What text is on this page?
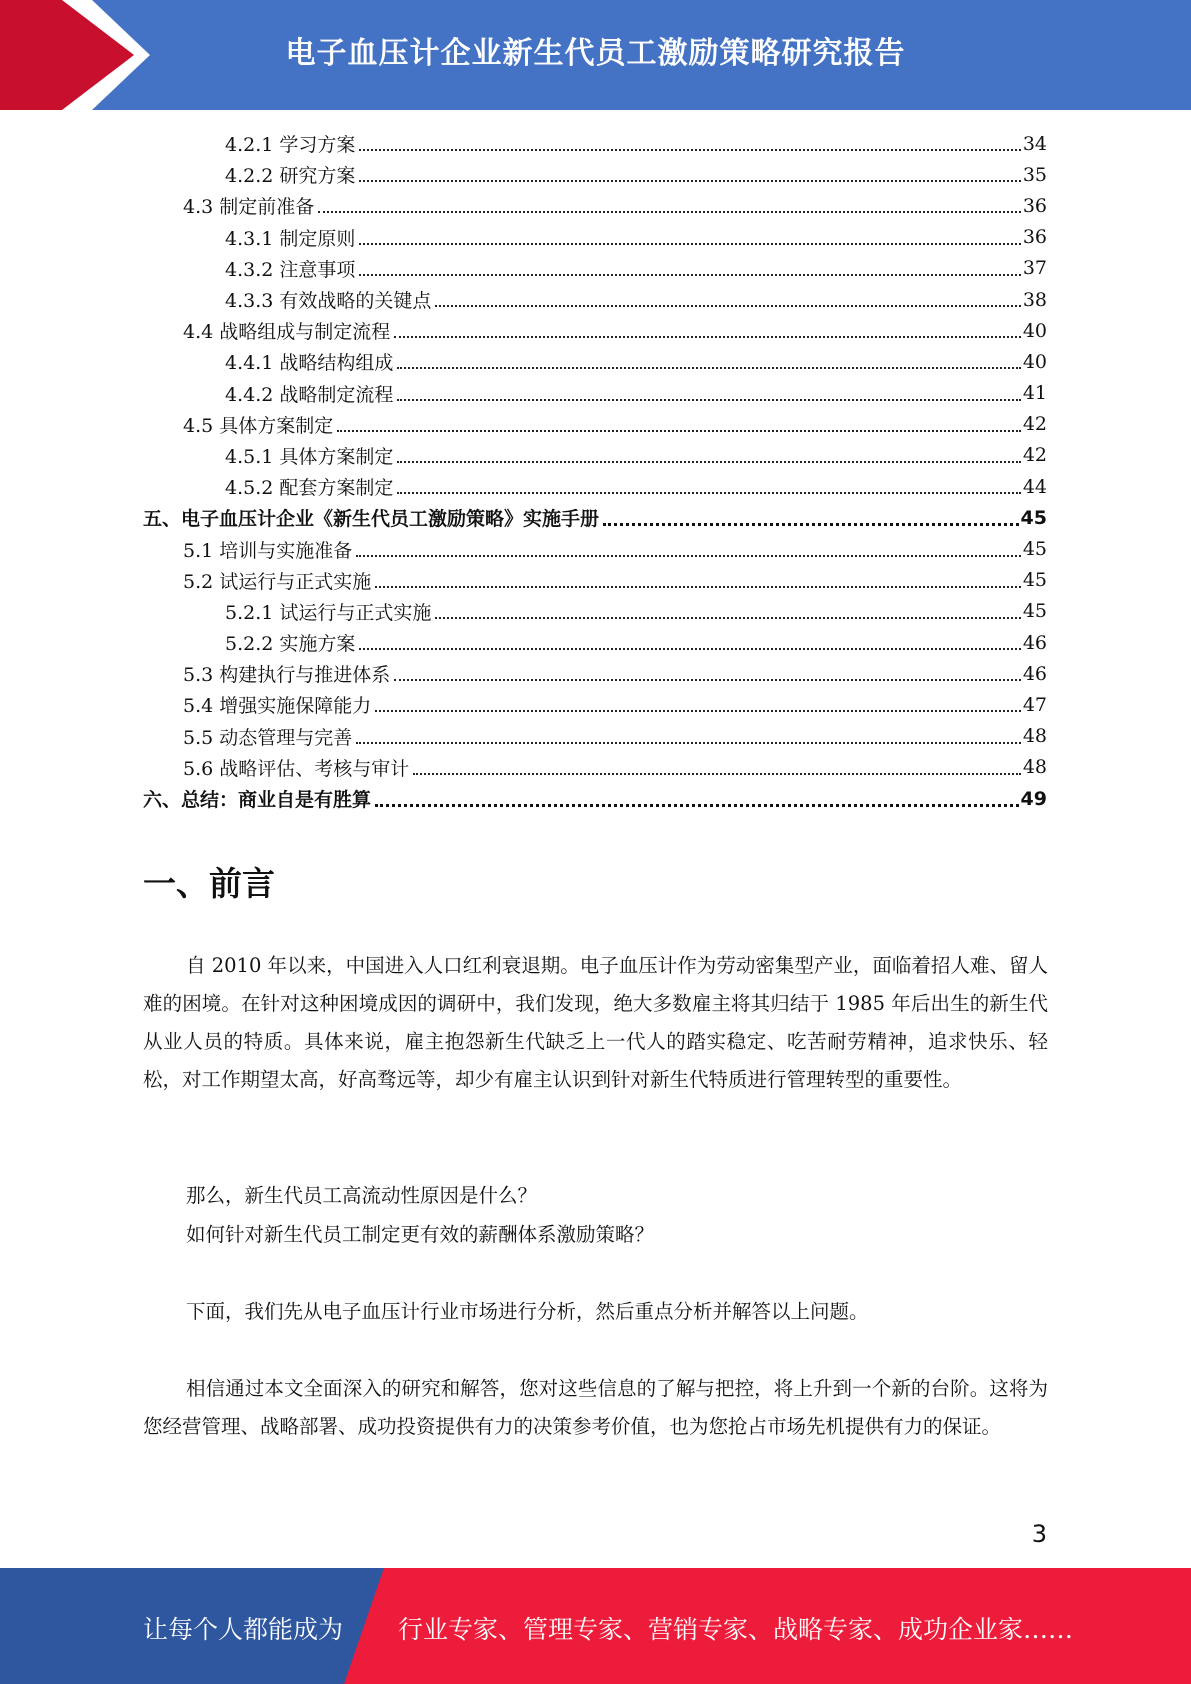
电子血压计企业新生代员工激励策略研究报告
4.2.1 学习方案	34
4.2.2 研究方案	35
4.3 制定前准备	36
4.3.1 制定原则	36
4.3.2 注意事项	37
4.3.3 有效战略的关键点	38
4.4 战略组成与制定流程	40
4.4.1 战略结构组成	40
4.4.2 战略制定流程	41
4.5 具体方案制定	42
4.5.1 具体方案制定	42
4.5.2 配套方案制定	44
五、电子血压计企业《新生代员工激励策略》实施手册	45
5.1 培训与实施准备	45
5.2 试运行与正式实施	45
5.2.1 试运行与正式实施	45
5.2.2 实施方案	46
5.3 构建执行与推进体系	46
5.4 增强实施保障能力	47
5.5 动态管理与完善	48
5.6 战略评估、考核与审计	48
六、总结：商业自是有胜算	49
一、前言

自 2010 年以来，中国进入人口红利衰退期。电子血压计作为劳动密集型产业，面临着招人难、留人难的困境。在针对这种困境成因的调研中，我们发现，绝大多数雇主将其归结于 1985 年后出生的新生代从业人员的特质。具体来说，雇主抱怨新生代缺乏上一代人的踏实稳定、吃苦耐劳精神，追求快乐、轻松，对工作期望太高，好高骛远等，却少有雇主认识到针对新生代特质进行管理转型的重要性。

那么，新生代员工高流动性原因是什么？

如何针对新生代员工制定更有效的薪酬体系激励策略？

下面，我们先从电子血压计行业市场进行分析，然后重点分析并解答以上问题。

相信通过本文全面深入的研究和解答，您对这些信息的了解与把控，将上升到一个新的台阶。这将为您经营管理、战略部署、成功投资提供有力的决策参考价值，也为您抢占市场先机提供有力的保证。

3
让每个人都能成为 行业专家、管理专家、营销专家、战略专家、成功企业家……
